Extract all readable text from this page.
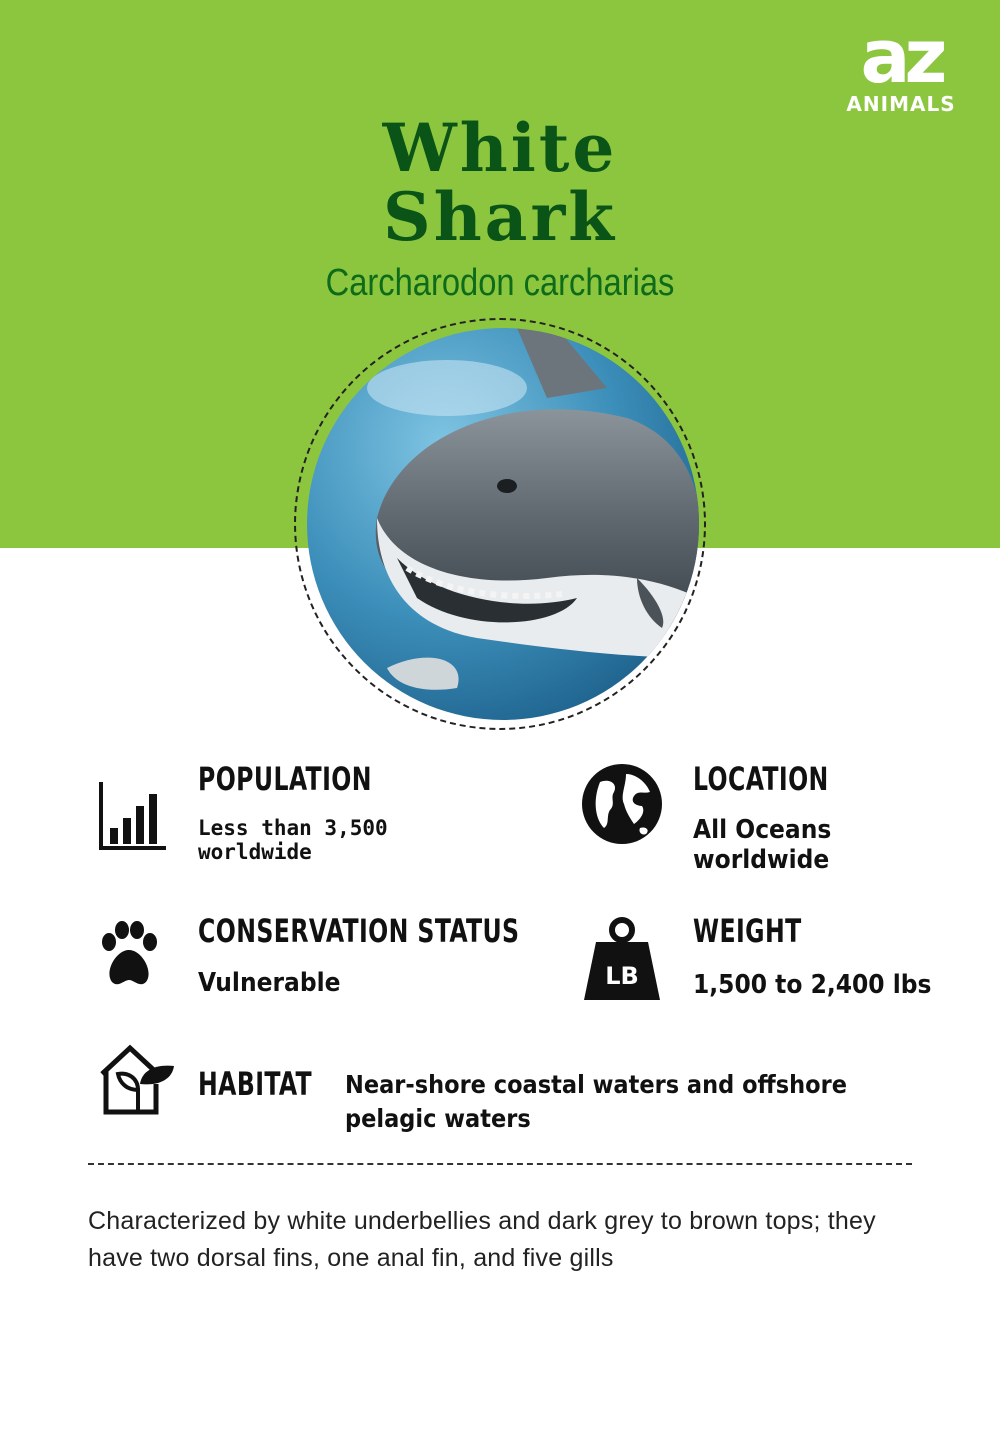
az
ANIMALS
White
Shark
Carcharodon carcharias
POPULATION
Less than 3,500
worldwide
LOCATION
All Oceans
worldwide
CONSERVATION STATUS
Vulnerable	LB
WEIGHT
1,500 to 2,400 lbs
HABITAT Near-shore coastal waters and offshore pelagic waters
Characterized by white underbellies and dark grey to brown tops; they have two dorsal fins, one anal fin, and five gills
